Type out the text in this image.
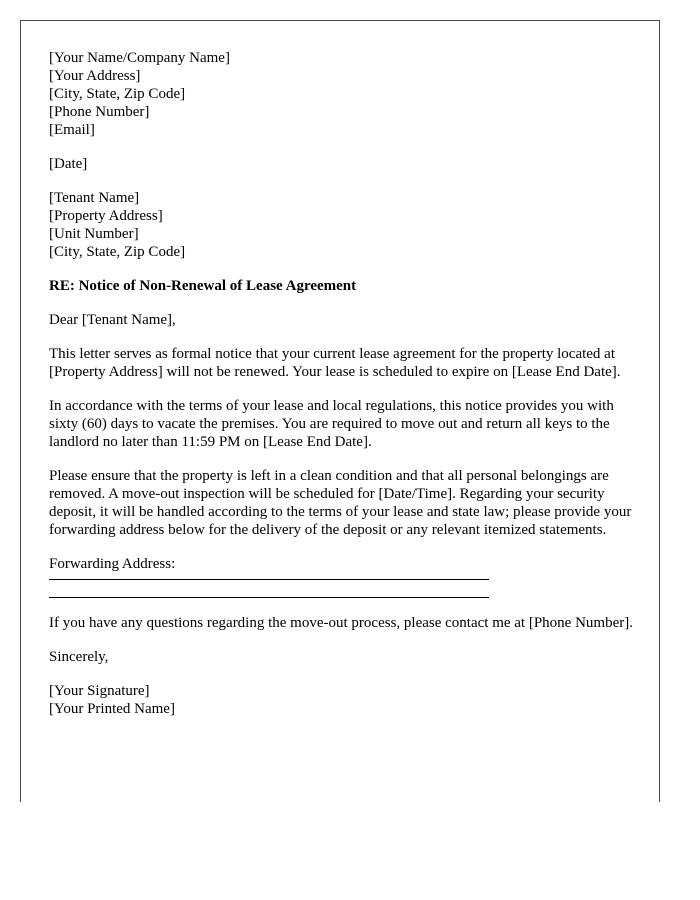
[Your Name/Company Name]
[Your Address]
[City, State, Zip Code]
[Phone Number]
[Email]
[Date]
[Tenant Name]
[Property Address]
[Unit Number]
[City, State, Zip Code]

RE: Notice of Non-Renewal of Lease Agreement

Dear [Tenant Name],

This letter serves as formal notice that your current lease agreement for the property located at [Property Address] will not be renewed. Your lease is scheduled to expire on [Lease End Date].

In accordance with the terms of your lease and local regulations, this notice provides you with sixty (60) days to vacate the premises. You are required to move out and return all keys to the landlord no later than 11:59 PM on [Lease End Date].

Please ensure that the property is left in a clean condition and that all personal belongings are removed. A move-out inspection will be scheduled for [Date/Time]. Regarding your security deposit, it will be handled according to the terms of your lease and state law; please provide your forwarding address below for the delivery of the deposit or any relevant itemized statements.

Forwarding Address:

If you have any questions regarding the move-out process, please contact me at [Phone Number].

Sincerely,

[Your Signature]
[Your Printed Name]
